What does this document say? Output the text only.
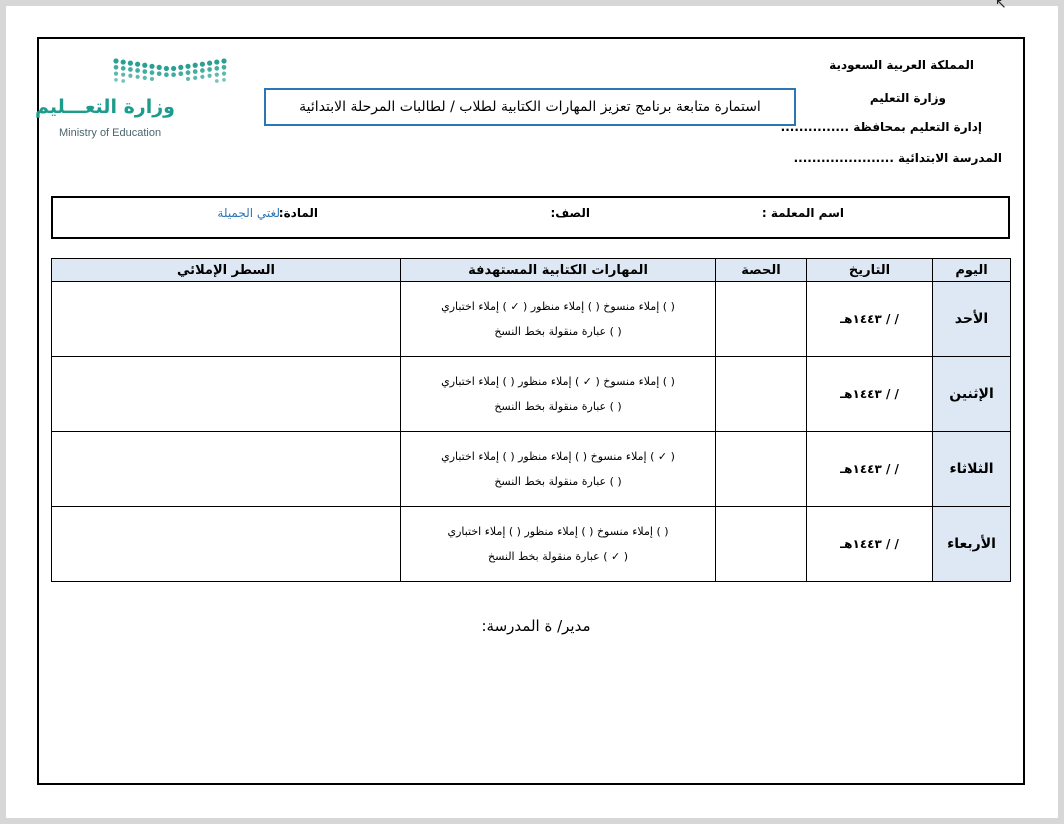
↖
المملكة العربية السعودية
وزارة التعليم
إدارة التعليم بمحافظة ...............
المدرسة الابتدائية ......................
استمارة متابعة برنامج تعزيز المهارات الكتابية لطلاب / لطالبات المرحلة الابتدائية
وزارة التعـــليم
Ministry of Education
اسم المعلمة :
الصف:
المادة:
لغتي الجميلة
اليوم	التاريخ	الحصة	المهارات الكتابية المستهدفة	السطر الإملائي
الأحد	/ / ١٤٤٣هـ		( ) إملاء منسوخ ( ) إملاء منظور ( ✓ ) إملاء اختباري
( ) عبارة منقولة بخط النسخ	

الإثنين	/ / ١٤٤٣هـ		( ) إملاء منسوخ ( ✓ ) إملاء منظور ( ) إملاء اختباري
( ) عبارة منقولة بخط النسخ	

الثلاثاء	/ / ١٤٤٣هـ		( ✓ ) إملاء منسوخ ( ) إملاء منظور ( ) إملاء اختباري
( ) عبارة منقولة بخط النسخ	

الأربعاء	/ / ١٤٤٣هـ		( ) إملاء منسوخ ( ) إملاء منظور ( ) إملاء اختباري
( ✓ ) عبارة منقولة بخط النسخ	

مدير/ ة المدرسة:
